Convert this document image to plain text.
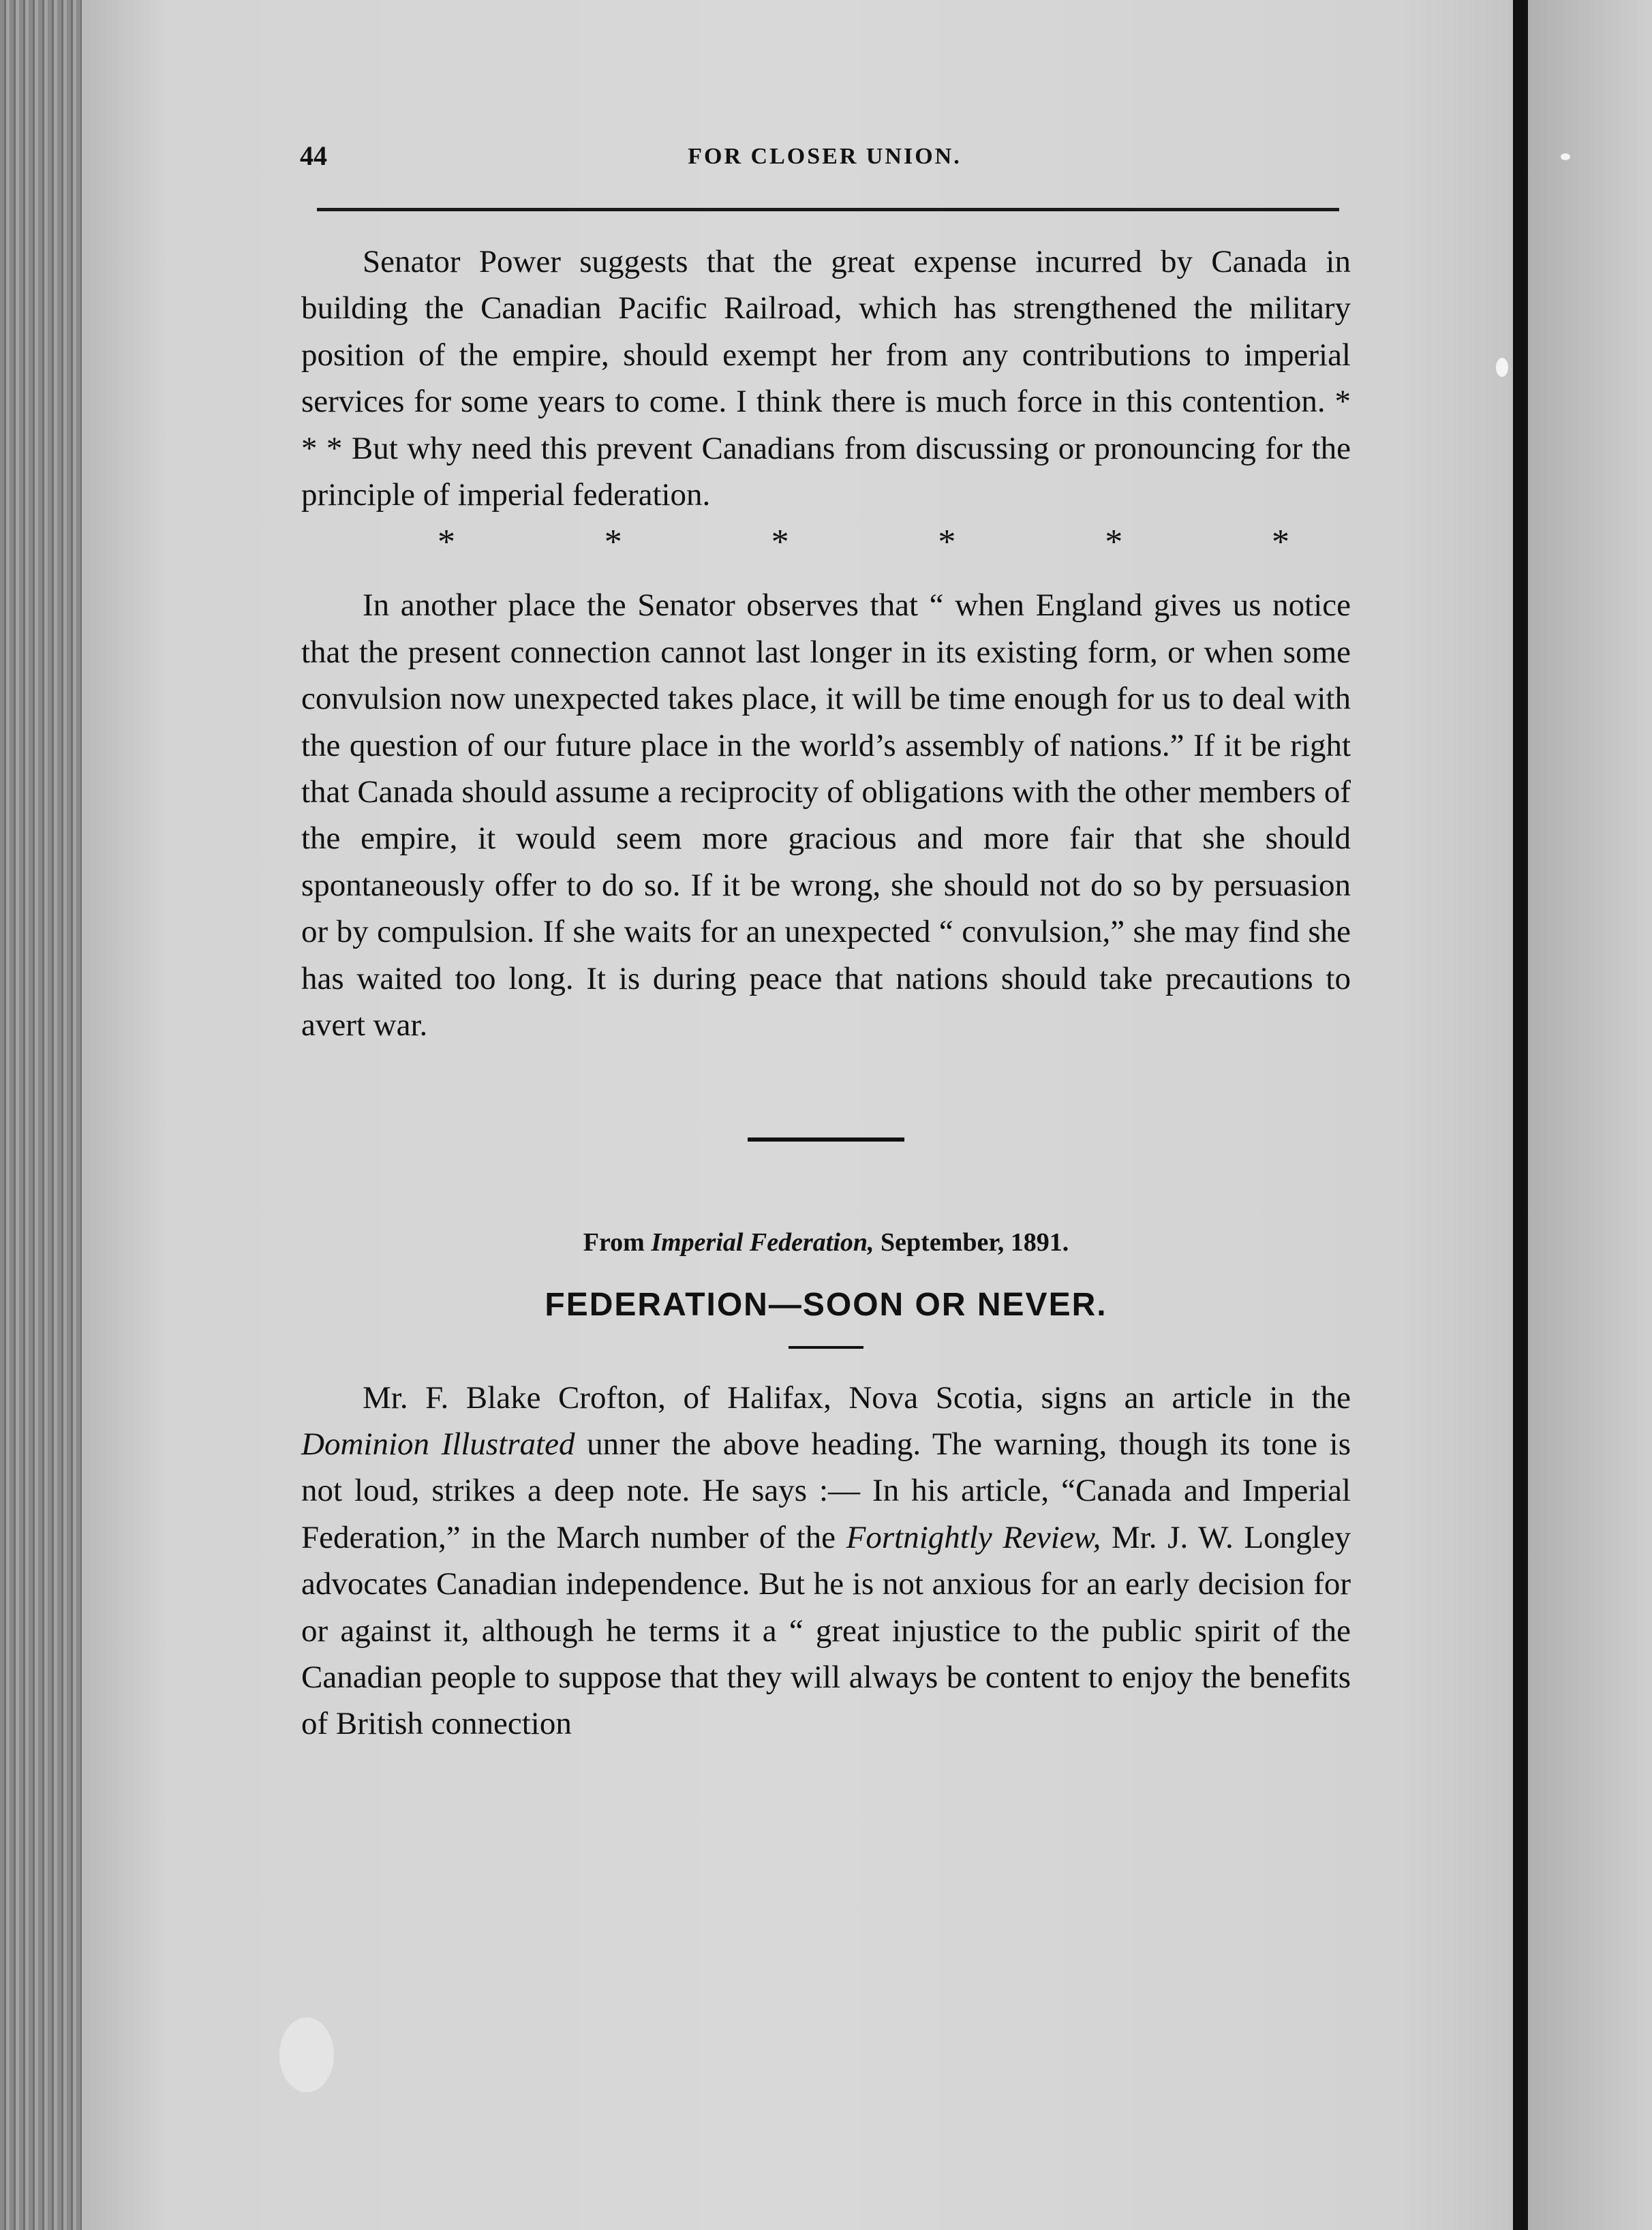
44	FOR CLOSER UNION.

Senator Power suggests that the great expense incurred by Canada in building the Canadian Pacific Railroad, which has strengthened the military position of the empire, should exempt her from any contributions to imperial services for some years to come. I think there is much force in this contention. * * * But why need this prevent Canadians from discussing or pronouncing for the principle of imperial federation.

*	*	*	*	*	*

In another place the Senator observes that “ when England gives us notice that the present connection cannot last longer in its existing form, or when some convulsion now unexpected takes place, it will be time enough for us to deal with the question of our future place in the world’s assembly of nations.” If it be right that Canada should assume a reciprocity of obligations with the other members of the empire, it would seem more gracious and more fair that she should spontaneously offer to do so. If it be wrong, she should not do so by persuasion or by compulsion. If she waits for an unexpected “ convulsion,” she may find she has waited too long. It is during peace that nations should take precautions to avert war.

From Imperial Federation, September, 1891.
FEDERATION—SOON OR NEVER.

Mr. F. Blake Crofton, of Halifax, Nova Scotia, signs an article in the Dominion Illustrated unner the above heading. The warning, though its tone is not loud, strikes a deep note. He says :— In his article, “Canada and Imperial Federation,” in the March number of the Fortnightly Review, Mr. J. W. Longley advocates Canadian independence. But he is not anxious for an early decision for or against it, although he terms it a “ great injustice to the public spirit of the Canadian people to suppose that they will always be content to enjoy the benefits of British connection
